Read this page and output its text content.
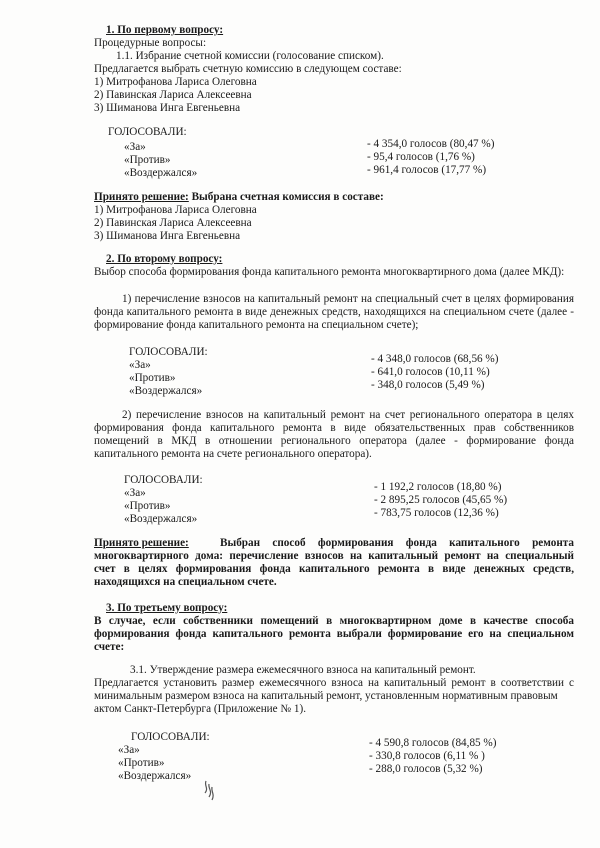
1. По первому вопросу:
Процедурные вопросы:
1.1. Избрание счетной комиссии (голосование списком).
Предлагается выбрать счетную комиссию в следующем составе:
1) Митрофанова Лариса Олеговна
2) Павинская Лариса Алексеевна
3) Шиманова Инга Евгеньевна
ГОЛОСОВАЛИ:
«За»
«Против»
«Воздержался»
- 4 354,0 голосов (80,47 %)
- 95,4 голосов (1,76 %)
- 961,4 голосов (17,77 %)
Принято решение: Выбрана счетная комиссия в составе:
1) Митрофанова Лариса Олеговна
2) Павинская Лариса Алексеевна
3) Шиманова Инга Евгеньевна
2. По второму вопросу:
Выбор способа формирования фонда капитального ремонта многоквартирного дома (далее МКД):
1) перечисление взносов на капитальный ремонт на специальный счет в целях формирования
фонда капитального ремонта в виде денежных средств, находящихся на специальном счете (далее -
формирование фонда капитального ремонта на специальном счете);
ГОЛОСОВАЛИ:
«За»
«Против»
«Воздержался»
- 4 348,0 голосов (68,56 %)
- 641,0 голосов (10,11 %)
- 348,0 голосов (5,49 %)
2) перечисление взносов на капитальный ремонт на счет регионального оператора в целях
формирования фонда капитального ремонта в виде обязательственных прав собственников
помещений в МКД в отношении регионального оператора (далее - формирование фонда
капитального ремонта на счете регионального оператора).
ГОЛОСОВАЛИ:
«За»
«Против»
«Воздержался»
- 1 192,2 голосов (18,80 %)
- 2 895,25 голосов (45,65 %)
- 783,75 голосов (12,36 %)
Принято решение:	Выбран способ формирования фонда капитального ремонта
многоквартирного дома: перечисление взносов на капитальный ремонт на специальный
счет в целях формирования фонда капитального ремонта в виде денежных средств,
находящихся на специальном счете.
3. По третьему вопросу:
В случае, если собственники помещений в многоквартирном доме в качестве способа
формирования фонда капитального ремонта выбрали формирование его на специальном
счете:
3.1. Утверждение размера ежемесячного взноса на капитальный ремонт.
Предлагается установить размер ежемесячного взноса на капитальный ремонт в соответствии с
минимальным размером взноса на капитальный ремонт, установленным нормативным правовым
актом Санкт-Петербурга (Приложение № 1).
ГОЛОСОВАЛИ:
«За»
«Против»
«Воздержался»
- 4 590,8 голосов (84,85 %)
- 330,8 голосов (6,11 % )
- 288,0 голосов (5,32 %)
